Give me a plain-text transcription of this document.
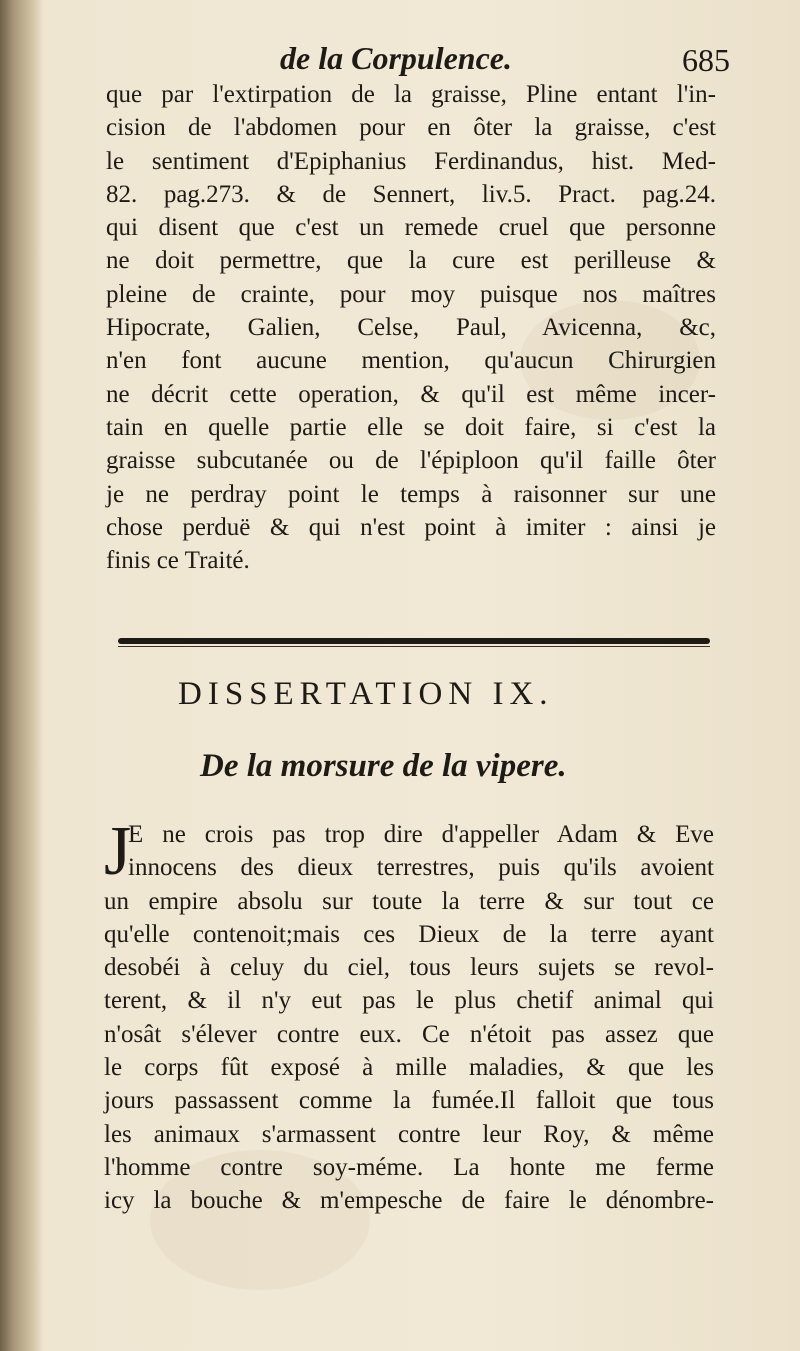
de la Corpulence.	685

que par l'extirpation de la graisse, Pline entant l'in-
cision de l'abdomen pour en ôter la graisse, c'est
le sentiment d'Epiphanius Ferdinandus, hist. Med-
82. pag.273. & de Sennert, liv.5. Pract. pag.24.
qui disent que c'est un remede cruel que personne
ne doit permettre, que la cure est perilleuse &
pleine de crainte, pour moy puisque nos maîtres
Hipocrate, Galien, Celse, Paul, Avicenna, &c,
n'en font aucune mention, qu'aucun Chirurgien
ne décrit cette operation, & qu'il est même incer-
tain en quelle partie elle se doit faire, si c'est la
graisse subcutanée ou de l'épiploon qu'il faille ôter
je ne perdray point le temps à raisonner sur une
chose perduë & qui n'est point à imiter : ainsi je
finis ce Traité.

DISSERTATION IX.
De la morsure de la vipere.
J

E ne crois pas trop dire d'appeller Adam & Eve
innocens des dieux terrestres, puis qu'ils avoient
un empire absolu sur toute la terre & sur tout ce
qu'elle contenoit;mais ces Dieux de la terre ayant
desobéi à celuy du ciel, tous leurs sujets se revol-
terent, & il n'y eut pas le plus chetif animal qui
n'osât s'élever contre eux. Ce n'étoit pas assez que
le corps fût exposé à mille maladies, & que les
jours passassent comme la fumée.Il falloit que tous
les animaux s'armassent contre leur Roy, & même
l'homme contre soy-méme. La honte me ferme
icy la bouche & m'empesche de faire le dénombre-
